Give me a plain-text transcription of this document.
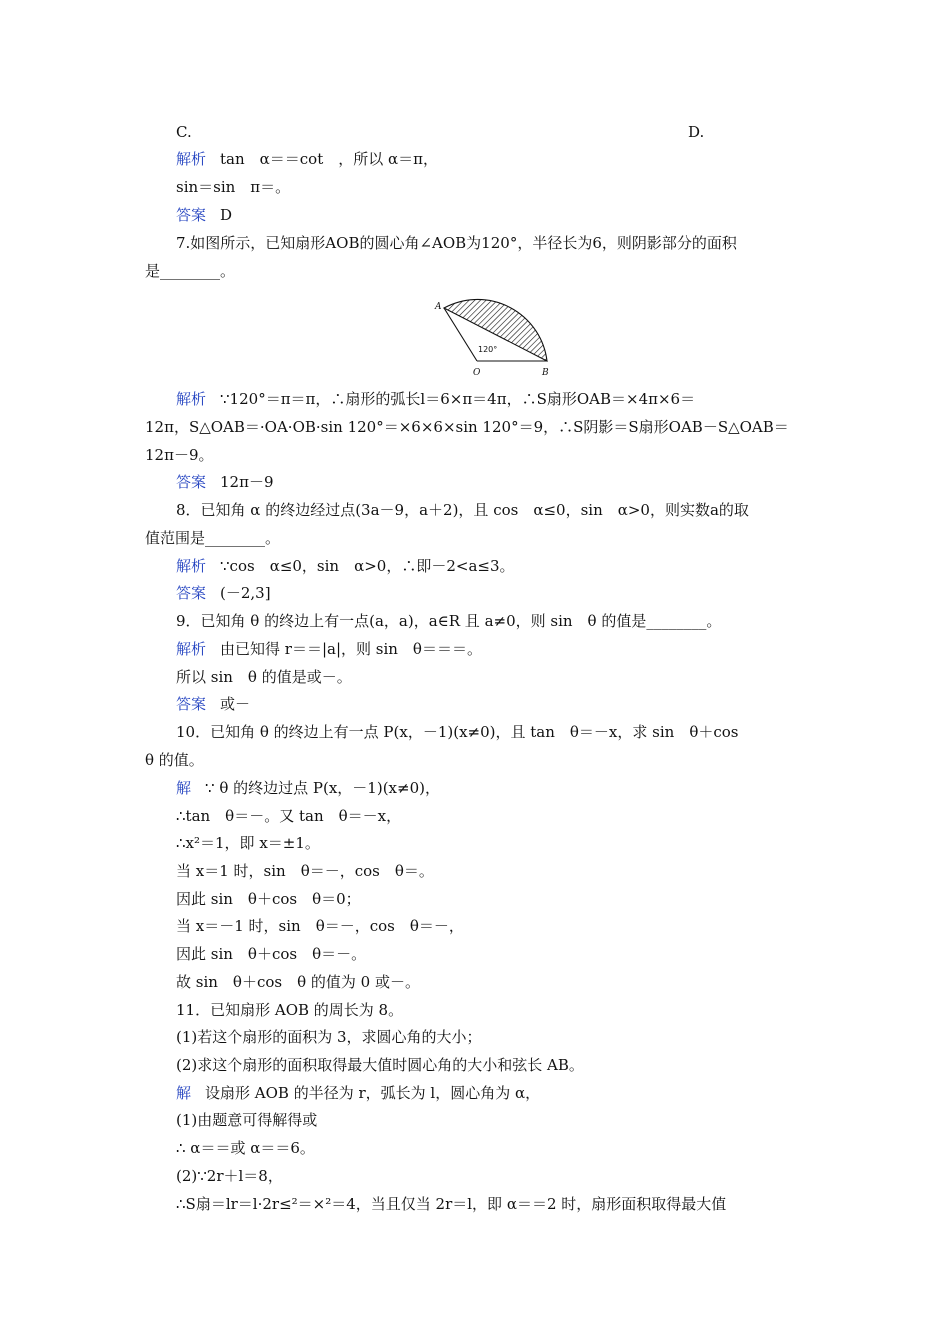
C.	D.
解析 tan　α＝＝cot　，所以 α＝π，
sin＝sin　π＝。
答案 D
7.如图所示，已知扇形AOB的圆心角∠AOB为120°，半径长为6，则阴影部分的面积
是________。
A
O	B
120°
解析 ∵120°＝π＝π，∴扇形的弧长l＝6×π＝4π，∴S扇形OAB＝×4π×6＝
12π，S△OAB＝·OA·OB·sin 120°＝×6×6×sin 120°＝9，∴S阴影＝S扇形OAB－S△OAB＝
12π－9。
答案 12π－9
8．已知角 α 的终边经过点(3a－9，a＋2)，且 cos　α≤0，sin　α>0，则实数a的取
值范围是________。
解析 ∵cos　α≤0，sin　α>0，∴即－2<a≤3。
答案 (－2,3]
9．已知角 θ 的终边上有一点(a，a)，a∈R 且 a≠0，则 sin　θ 的值是________。
解析 由已知得 r＝＝|a|，则 sin　θ＝＝＝。
所以 sin　θ 的值是或－。
答案 或－
10．已知角 θ 的终边上有一点 P(x，－1)(x≠0)，且 tan　θ＝－x，求 sin　θ＋cos
θ 的值。
解 ∵ θ 的终边过点 P(x，－1)(x≠0)，
∴tan　θ＝－。又 tan　θ＝－x，
∴x²＝1，即 x＝±1。
当 x＝1 时，sin　θ＝－，cos　θ＝。
因此 sin　θ＋cos　θ＝0；
当 x＝－1 时，sin　θ＝－，cos　θ＝－，
因此 sin　θ＋cos　θ＝－。
故 sin　θ＋cos　θ 的值为 0 或－。
11．已知扇形 AOB 的周长为 8。
(1)若这个扇形的面积为 3，求圆心角的大小；
(2)求这个扇形的面积取得最大值时圆心角的大小和弦长 AB。
解 设扇形 AOB 的半径为 r，弧长为 l，圆心角为 α，
(1)由题意可得解得或
∴ α＝＝或 α＝＝6。
(2)∵2r＋l＝8，
∴S扇＝lr＝l·2r≤²＝×²＝4，当且仅当 2r＝l，即 α＝＝2 时，扇形面积取得最大值
